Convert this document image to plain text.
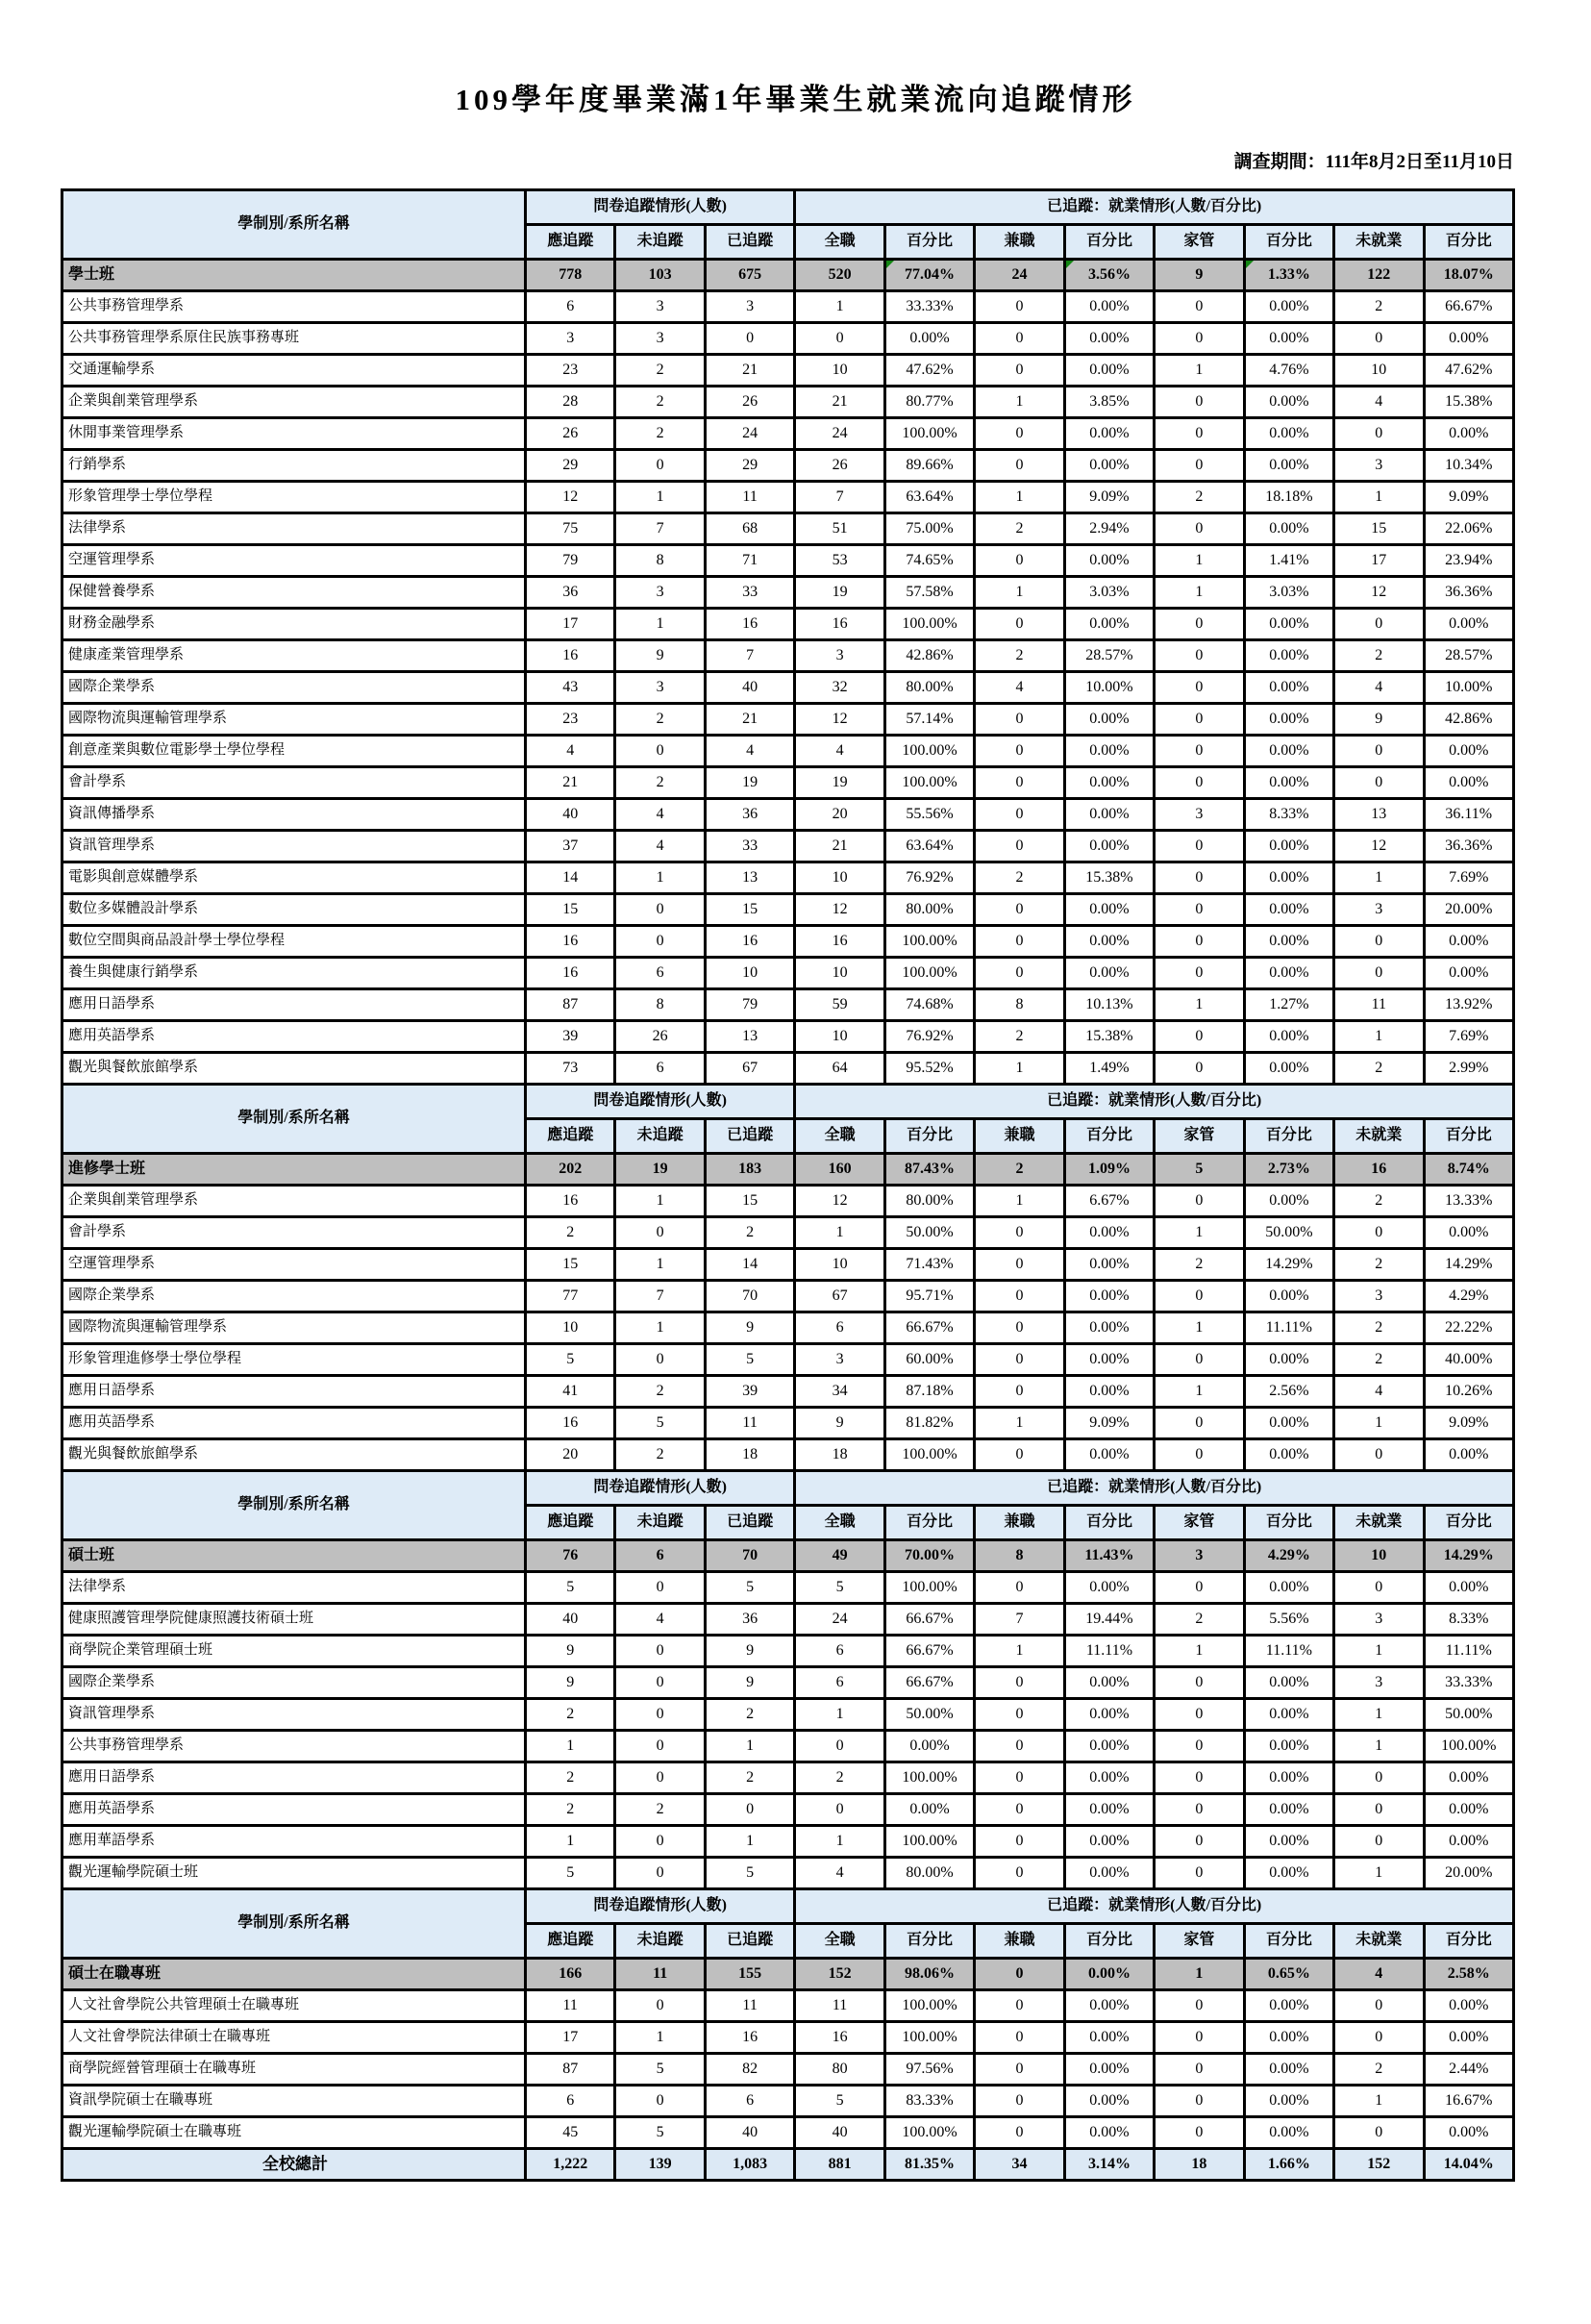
109學年度畢業滿1年畢業生就業流向追蹤情形
調查期間：111年8月2日至11月10日
學制別/系所名稱	問卷追蹤情形(人數)			已追蹤：就業情形(人數/百分比)							
	應追蹤	未追蹤	已追蹤	全職	百分比	兼職	百分比	家管	百分比	未就業	百分比
學士班	778	103	675	520	77.04%	24	3.56%	9	1.33%	122	18.07%
公共事務管理學系	6	3	3	1	33.33%	0	0.00%	0	0.00%	2	66.67%
公共事務管理學系原住民族事務專班	3	3	0	0	0.00%	0	0.00%	0	0.00%	0	0.00%
交通運輸學系	23	2	21	10	47.62%	0	0.00%	1	4.76%	10	47.62%
企業與創業管理學系	28	2	26	21	80.77%	1	3.85%	0	0.00%	4	15.38%
休閒事業管理學系	26	2	24	24	100.00%	0	0.00%	0	0.00%	0	0.00%
行銷學系	29	0	29	26	89.66%	0	0.00%	0	0.00%	3	10.34%
形象管理學士學位學程	12	1	11	7	63.64%	1	9.09%	2	18.18%	1	9.09%
法律學系	75	7	68	51	75.00%	2	2.94%	0	0.00%	15	22.06%
空運管理學系	79	8	71	53	74.65%	0	0.00%	1	1.41%	17	23.94%
保健營養學系	36	3	33	19	57.58%	1	3.03%	1	3.03%	12	36.36%
財務金融學系	17	1	16	16	100.00%	0	0.00%	0	0.00%	0	0.00%
健康產業管理學系	16	9	7	3	42.86%	2	28.57%	0	0.00%	2	28.57%
國際企業學系	43	3	40	32	80.00%	4	10.00%	0	0.00%	4	10.00%
國際物流與運輸管理學系	23	2	21	12	57.14%	0	0.00%	0	0.00%	9	42.86%
創意產業與數位電影學士學位學程	4	0	4	4	100.00%	0	0.00%	0	0.00%	0	0.00%
會計學系	21	2	19	19	100.00%	0	0.00%	0	0.00%	0	0.00%
資訊傳播學系	40	4	36	20	55.56%	0	0.00%	3	8.33%	13	36.11%
資訊管理學系	37	4	33	21	63.64%	0	0.00%	0	0.00%	12	36.36%
電影與創意媒體學系	14	1	13	10	76.92%	2	15.38%	0	0.00%	1	7.69%
數位多媒體設計學系	15	0	15	12	80.00%	0	0.00%	0	0.00%	3	20.00%
數位空間與商品設計學士學位學程	16	0	16	16	100.00%	0	0.00%	0	0.00%	0	0.00%
養生與健康行銷學系	16	6	10	10	100.00%	0	0.00%	0	0.00%	0	0.00%
應用日語學系	87	8	79	59	74.68%	8	10.13%	1	1.27%	11	13.92%
應用英語學系	39	26	13	10	76.92%	2	15.38%	0	0.00%	1	7.69%
觀光與餐飲旅館學系	73	6	67	64	95.52%	1	1.49%	0	0.00%	2	2.99%
學制別/系所名稱	問卷追蹤情形(人數)			已追蹤：就業情形(人數/百分比)							
	應追蹤	未追蹤	已追蹤	全職	百分比	兼職	百分比	家管	百分比	未就業	百分比
進修學士班	202	19	183	160	87.43%	2	1.09%	5	2.73%	16	8.74%
企業與創業管理學系	16	1	15	12	80.00%	1	6.67%	0	0.00%	2	13.33%
會計學系	2	0	2	1	50.00%	0	0.00%	1	50.00%	0	0.00%
空運管理學系	15	1	14	10	71.43%	0	0.00%	2	14.29%	2	14.29%
國際企業學系	77	7	70	67	95.71%	0	0.00%	0	0.00%	3	4.29%
國際物流與運輸管理學系	10	1	9	6	66.67%	0	0.00%	1	11.11%	2	22.22%
形象管理進修學士學位學程	5	0	5	3	60.00%	0	0.00%	0	0.00%	2	40.00%
應用日語學系	41	2	39	34	87.18%	0	0.00%	1	2.56%	4	10.26%
應用英語學系	16	5	11	9	81.82%	1	9.09%	0	0.00%	1	9.09%
觀光與餐飲旅館學系	20	2	18	18	100.00%	0	0.00%	0	0.00%	0	0.00%
學制別/系所名稱	問卷追蹤情形(人數)			已追蹤：就業情形(人數/百分比)							
	應追蹤	未追蹤	已追蹤	全職	百分比	兼職	百分比	家管	百分比	未就業	百分比
碩士班	76	6	70	49	70.00%	8	11.43%	3	4.29%	10	14.29%
法律學系	5	0	5	5	100.00%	0	0.00%	0	0.00%	0	0.00%
健康照護管理學院健康照護技術碩士班	40	4	36	24	66.67%	7	19.44%	2	5.56%	3	8.33%
商學院企業管理碩士班	9	0	9	6	66.67%	1	11.11%	1	11.11%	1	11.11%
國際企業學系	9	0	9	6	66.67%	0	0.00%	0	0.00%	3	33.33%
資訊管理學系	2	0	2	1	50.00%	0	0.00%	0	0.00%	1	50.00%
公共事務管理學系	1	0	1	0	0.00%	0	0.00%	0	0.00%	1	100.00%
應用日語學系	2	0	2	2	100.00%	0	0.00%	0	0.00%	0	0.00%
應用英語學系	2	2	0	0	0.00%	0	0.00%	0	0.00%	0	0.00%
應用華語學系	1	0	1	1	100.00%	0	0.00%	0	0.00%	0	0.00%
觀光運輸學院碩士班	5	0	5	4	80.00%	0	0.00%	0	0.00%	1	20.00%
學制別/系所名稱	問卷追蹤情形(人數)			已追蹤：就業情形(人數/百分比)							
	應追蹤	未追蹤	已追蹤	全職	百分比	兼職	百分比	家管	百分比	未就業	百分比
碩士在職專班	166	11	155	152	98.06%	0	0.00%	1	0.65%	4	2.58%
人文社會學院公共管理碩士在職專班	11	0	11	11	100.00%	0	0.00%	0	0.00%	0	0.00%
人文社會學院法律碩士在職專班	17	1	16	16	100.00%	0	0.00%	0	0.00%	0	0.00%
商學院經營管理碩士在職專班	87	5	82	80	97.56%	0	0.00%	0	0.00%	2	2.44%
資訊學院碩士在職專班	6	0	6	5	83.33%	0	0.00%	0	0.00%	1	16.67%
觀光運輸學院碩士在職專班	45	5	40	40	100.00%	0	0.00%	0	0.00%	0	0.00%
全校總計	1,222	139	1,083	881	81.35%	34	3.14%	18	1.66%	152	14.04%
